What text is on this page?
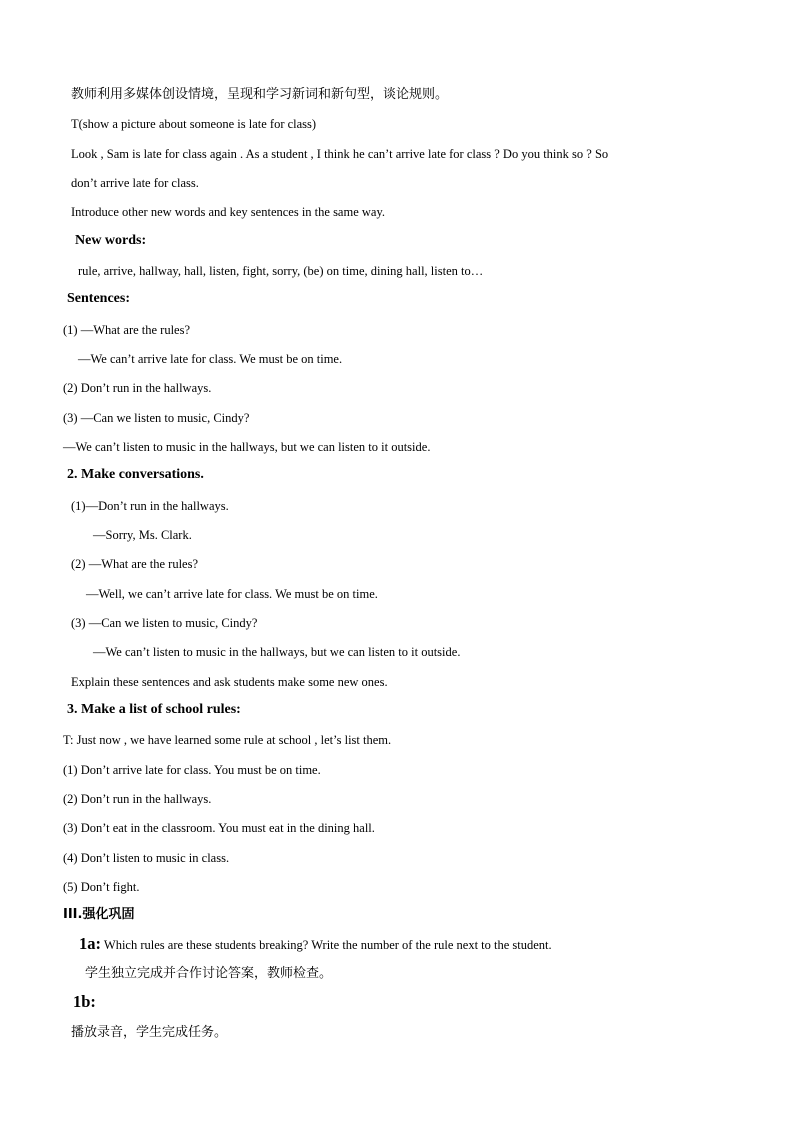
教师利用多媒体创设情境，呈现和学习新词和新句型，谈论规则。
T(show a picture about someone is late for class)
Look , Sam is late for class again . As a student , I think he can’t arrive late for class ? Do you think so ? So
don’t arrive late for class.
Introduce other new words and key sentences in the same way.
New words:
rule, arrive, hallway, hall, listen, fight, sorry, (be) on time, dining hall, listen to…
Sentences:
(1) —What are the rules?
—We can’t arrive late for class. We must be on time.
(2) Don’t run in the hallways.
(3) —Can we listen to music, Cindy?
—We can’t listen to music in the hallways, but we can listen to it outside.
2. Make conversations.
(1)—Don’t run in the hallways.
—Sorry, Ms. Clark.
(2) —What are the rules?
—Well, we can’t arrive late for class. We must be on time.
(3) —Can we listen to music, Cindy?
—We can’t listen to music in the hallways, but we can listen to it outside.
Explain these sentences and ask students make some new ones.
3. Make a list of school rules:
T: Just now , we have learned some rule at school , let’s list them.
(1) Don’t arrive late for class. You must be on time.
(2) Don’t run in the hallways.
(3) Don’t eat in the classroom. You must eat in the dining hall.
(4) Don’t listen to music in class.
(5) Don’t fight.
III.强化巩固
1a: Which rules are these students breaking? Write the number of the rule next to the student.
学生独立完成并合作讨论答案，教师检查。
1b:
播放录音，学生完成任务。
